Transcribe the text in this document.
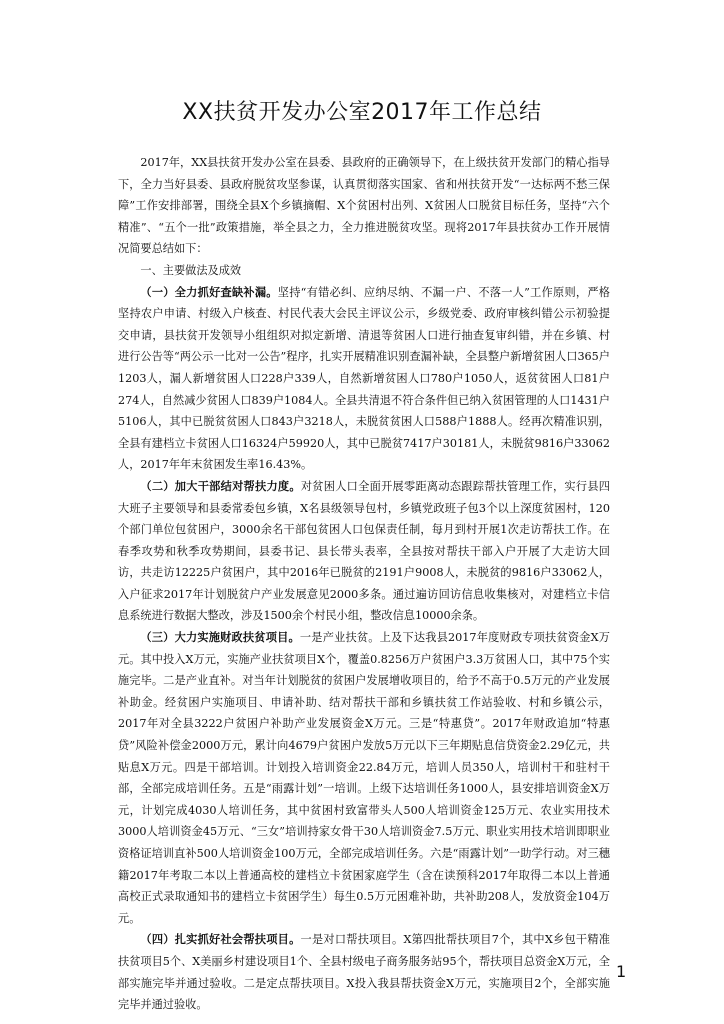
XX扶贫开发办公室2017年工作总结

2017年，XX县扶贫开发办公室在县委、县政府的正确领导下，在上级扶贫开发部门的精心指导下，全力当好县委、县政府脱贫攻坚参谋，认真贯彻落实国家、省和州扶贫开发“一达标两不愁三保障”工作安排部署，围绕全县X个乡镇摘帽、X个贫困村出列、X贫困人口脱贫目标任务，坚持“六个精准”、“五个一批”政策措施，举全县之力，全力推进脱贫攻坚。现将2017年县扶贫办工作开展情况简要总结如下：

一、主要做法及成效

（一）全力抓好查缺补漏。坚持“有错必纠、应纳尽纳、不漏一户、不落一人”工作原则，严格坚持农户申请、村级入户核查、村民代表大会民主评议公示，乡级党委、政府审核纠错公示初验提交申请，县扶贫开发领导小组组织对拟定新增、清退等贫困人口进行抽查复审纠错，并在乡镇、村进行公告等“两公示一比对一公告”程序，扎实开展精准识别查漏补缺，全县整户新增贫困人口365户1203人，漏人新增贫困人口228户339人，自然新增贫困人口780户1050人，返贫贫困人口81户274人，自然减少贫困人口839户1084人。全县共清退不符合条件但已纳入贫困管理的人口1431户5106人，其中已脱贫贫困人口843户3218人，未脱贫贫困人口588户1888人。经再次精准识别，全县有建档立卡贫困人口16324户59920人，其中已脱贫7417户30181人，未脱贫9816户33062人，2017年年末贫困发生率16.43%。

（二）加大干部结对帮扶力度。对贫困人口全面开展零距离动态跟踪帮扶管理工作，实行县四大班子主要领导和县委常委包乡镇，X名县级领导包村，乡镇党政班子包3个以上深度贫困村，120个部门单位包贫困户，3000余名干部包贫困人口包保责任制，每月到村开展1次走访帮扶工作。在春季攻势和秋季攻势期间，县委书记、县长带头表率，全县按对帮扶干部入户开展了大走访大回访，共走访12225户贫困户，其中2016年已脱贫的2191户9008人，未脱贫的9816户33062人，入户征求2017年计划脱贫户产业发展意见2000多条。通过遍访回访信息收集核对，对建档立卡信息系统进行数据大整改，涉及1500余个村民小组，整改信息10000余条。

（三）大力实施财政扶贫项目。一是产业扶贫。上及下达我县2017年度财政专项扶贫资金X万元。其中投入X万元，实施产业扶贫项目X个，覆盖0.8256万户贫困户3.3万贫困人口，其中75个实施完毕。二是产业直补。对当年计划脱贫的贫困户发展增收项目的，给予不高于0.5万元的产业发展补助金。经贫困户实施项目、申请补助、结对帮扶干部和乡镇扶贫工作站验收、村和乡镇公示，2017年对全县3222户贫困户补助产业发展资金X万元。三是“特惠贷”。2017年财政追加“特惠贷”风险补偿金2000万元，累计向4679户贫困户发放5万元以下三年期贴息信贷资金2.29亿元，共贴息X万元。四是干部培训。计划投入培训资金22.84万元，培训人员350人，培训村干和驻村干部，全部完成培训任务。五是“雨露计划”一培训。上级下达培训任务1000人，县安排培训资金X万元，计划完成4030人培训任务，其中贫困村致富带头人500人培训资金125万元、农业实用技术3000人培训资金45万元、“三女”培训持家女骨干30人培训资金7.5万元、职业实用技术培训即职业资格证培训直补500人培训资金100万元，全部完成培训任务。六是“雨露计划”一助学行动。对三穗籍2017年考取二本以上普通高校的建档立卡贫困家庭学生（含在读预科2017年取得二本以上普通高校正式录取通知书的建档立卡贫困学生）每生0.5万元困难补助，共补助208人，发放资金104万元。

（四）扎实抓好社会帮扶项目。一是对口帮扶项目。X第四批帮扶项目7个，其中X乡包干精准扶贫项目5个、X美丽乡村建设项目1个、全县村级电子商务服务站95个，帮扶项目总资金X万元，全部实施完毕并通过验收。二是定点帮扶项目。X投入我县帮扶资金X万元，实施项目2个，全部实施完毕并通过验收。

1
